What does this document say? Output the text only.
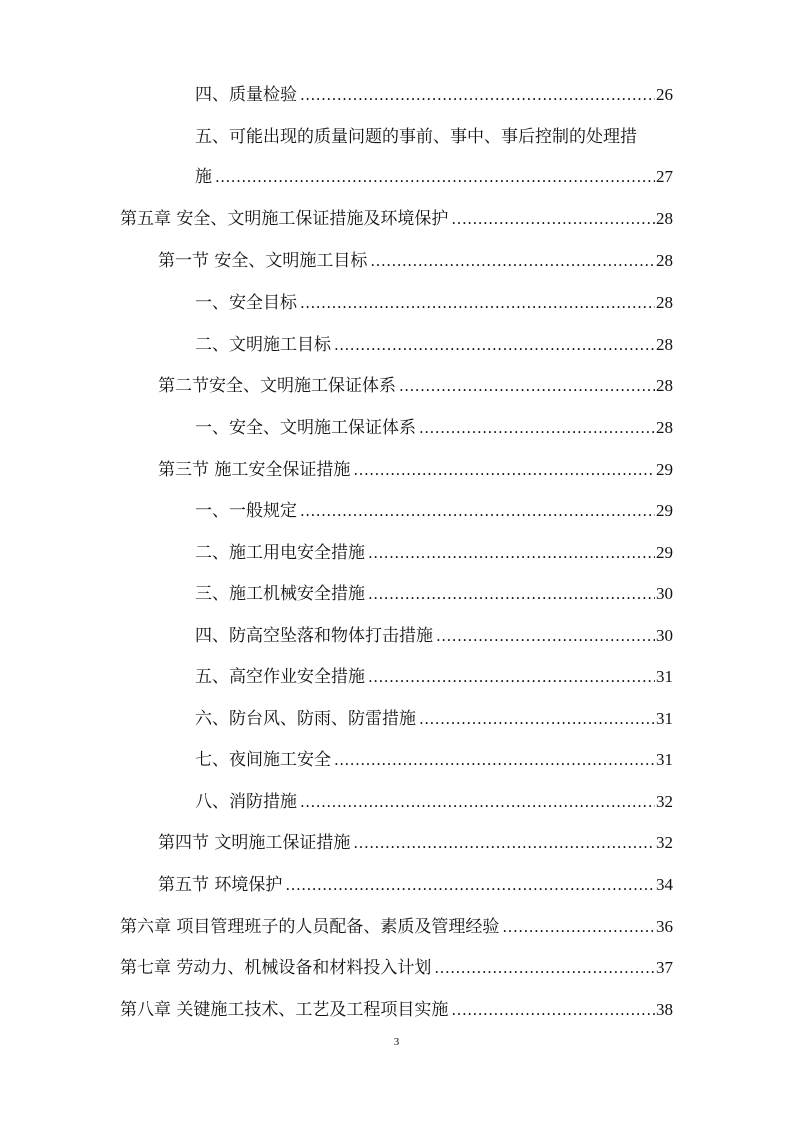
四、质量检验 .....	26
五、可能出现的质量问题的事前、事中、事后控制的处理措
施 .....	27
第五章 安全、文明施工保证措施及环境保护 .....	28
第一节 安全、文明施工目标 .....	28
一、安全目标 .....	28
二、文明施工目标 .....	28
第二节安全、文明施工保证体系 .....	28
一、安全、文明施工保证体系 .....	28
第三节 施工安全保证措施 .....	29
一、一般规定 .....	29
二、施工用电安全措施 .....	29
三、施工机械安全措施 .....	30
四、防高空坠落和物体打击措施 .....	30
五、高空作业安全措施 .....	31
六、防台风、防雨、防雷措施 .....	31
七、夜间施工安全 .....	31
八、消防措施 .....	32
第四节 文明施工保证措施 .....	32
第五节 环境保护 .....	34
第六章 项目管理班子的人员配备、素质及管理经验 .....	36
第七章 劳动力、机械设备和材料投入计划 .....	37
第八章 关键施工技术、工艺及工程项目实施 .....	38
3
